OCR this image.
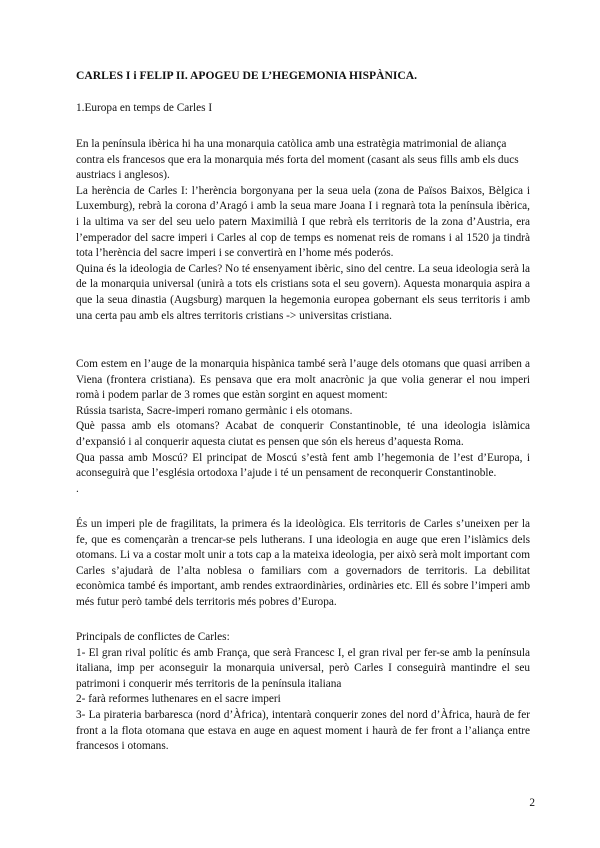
CARLES I i FELIP II. APOGEU DE L’HEGEMONIA HISPÀNICA.

1.Europa en temps de Carles I

En la península ibèrica hi ha una monarquia catòlica amb una estratègia matrimonial de aliança contra els francesos que era la monarquia més forta del moment (casant als seus fills amb els ducs austriacs i anglesos).

La herència de Carles I: l’herència borgonyana per la seua uela (zona de Països Baixos, Bèlgica i Luxemburg), rebrà la corona d’Aragó i amb la seua mare Joana I i regnarà tota la península ibèrica, i la ultima va ser del seu uelo patern Maximilià I que rebrà els territoris de la zona d’Austria, era l’emperador del sacre imperi i Carles al cop de temps es nomenat reis de romans i al 1520 ja tindrà tota l’herència del sacre imperi i se convertirà en l’home més poderós.

Quina és la ideologia de Carles? No té ensenyament ibèric, sino del centre. La seua ideologia serà la de la monarquia universal (unirà a tots els cristians sota el seu govern). Aquesta monarquia aspira a que la seua dinastia (Augsburg) marquen la hegemonia europea gobernant els seus territoris i amb una certa pau amb els altres territoris cristians -> universitas cristiana.

Com estem en l’auge de la monarquia hispànica també serà l’auge dels otomans que quasi arriben a Viena (frontera cristiana). Es pensava que era molt anacrònic ja que volia generar el nou imperi romà i podem parlar de 3 romes que estàn sorgint en aquest moment:

Rússia tsarista, Sacre-imperi romano germànic i els otomans.

Què passa amb els otomans? Acabat de conquerir Constantinoble, té una ideologia islàmica d’expansió i al conquerir aquesta ciutat es pensen que són els hereus d’aquesta Roma.

Qua passa amb Moscú? El principat de Moscú s’està fent amb l’hegemonia de l’est d’Europa, i aconseguirà que l’església ortodoxa l’ajude i té un pensament de reconquerir Constantinoble.

.

És un imperi ple de fragilitats, la primera és la ideològica. Els territoris de Carles s’uneixen per la fe, que es començaràn a trencar-se pels lutherans. I una ideologia en auge que eren l’islàmics dels otomans. Li va a costar molt unir a tots cap a la mateixa ideologia, per això serà molt important com Carles s’ajudarà de l’alta noblesa o familiars com a governadors de territoris. La debilitat econòmica també és important, amb rendes extraordinàries, ordinàries etc. Ell és sobre l’imperi amb més futur però també dels territoris més pobres d’Europa.

Principals de conflictes de Carles:

1- El gran rival polític és amb França, que serà Francesc I, el gran rival per fer-se amb la península italiana, imp per aconseguir la monarquia universal, però Carles I conseguirà mantindre el seu patrimoni i conquerir més territoris de la península italiana

2- farà reformes luthenares en el sacre imperi

3- La pirateria barbaresca (nord d’Àfrica), intentarà conquerir zones del nord d’Àfrica, haurà de fer front a la flota otomana que estava en auge en aquest moment i haurà de fer front a l’aliança entre francesos i otomans.

2
